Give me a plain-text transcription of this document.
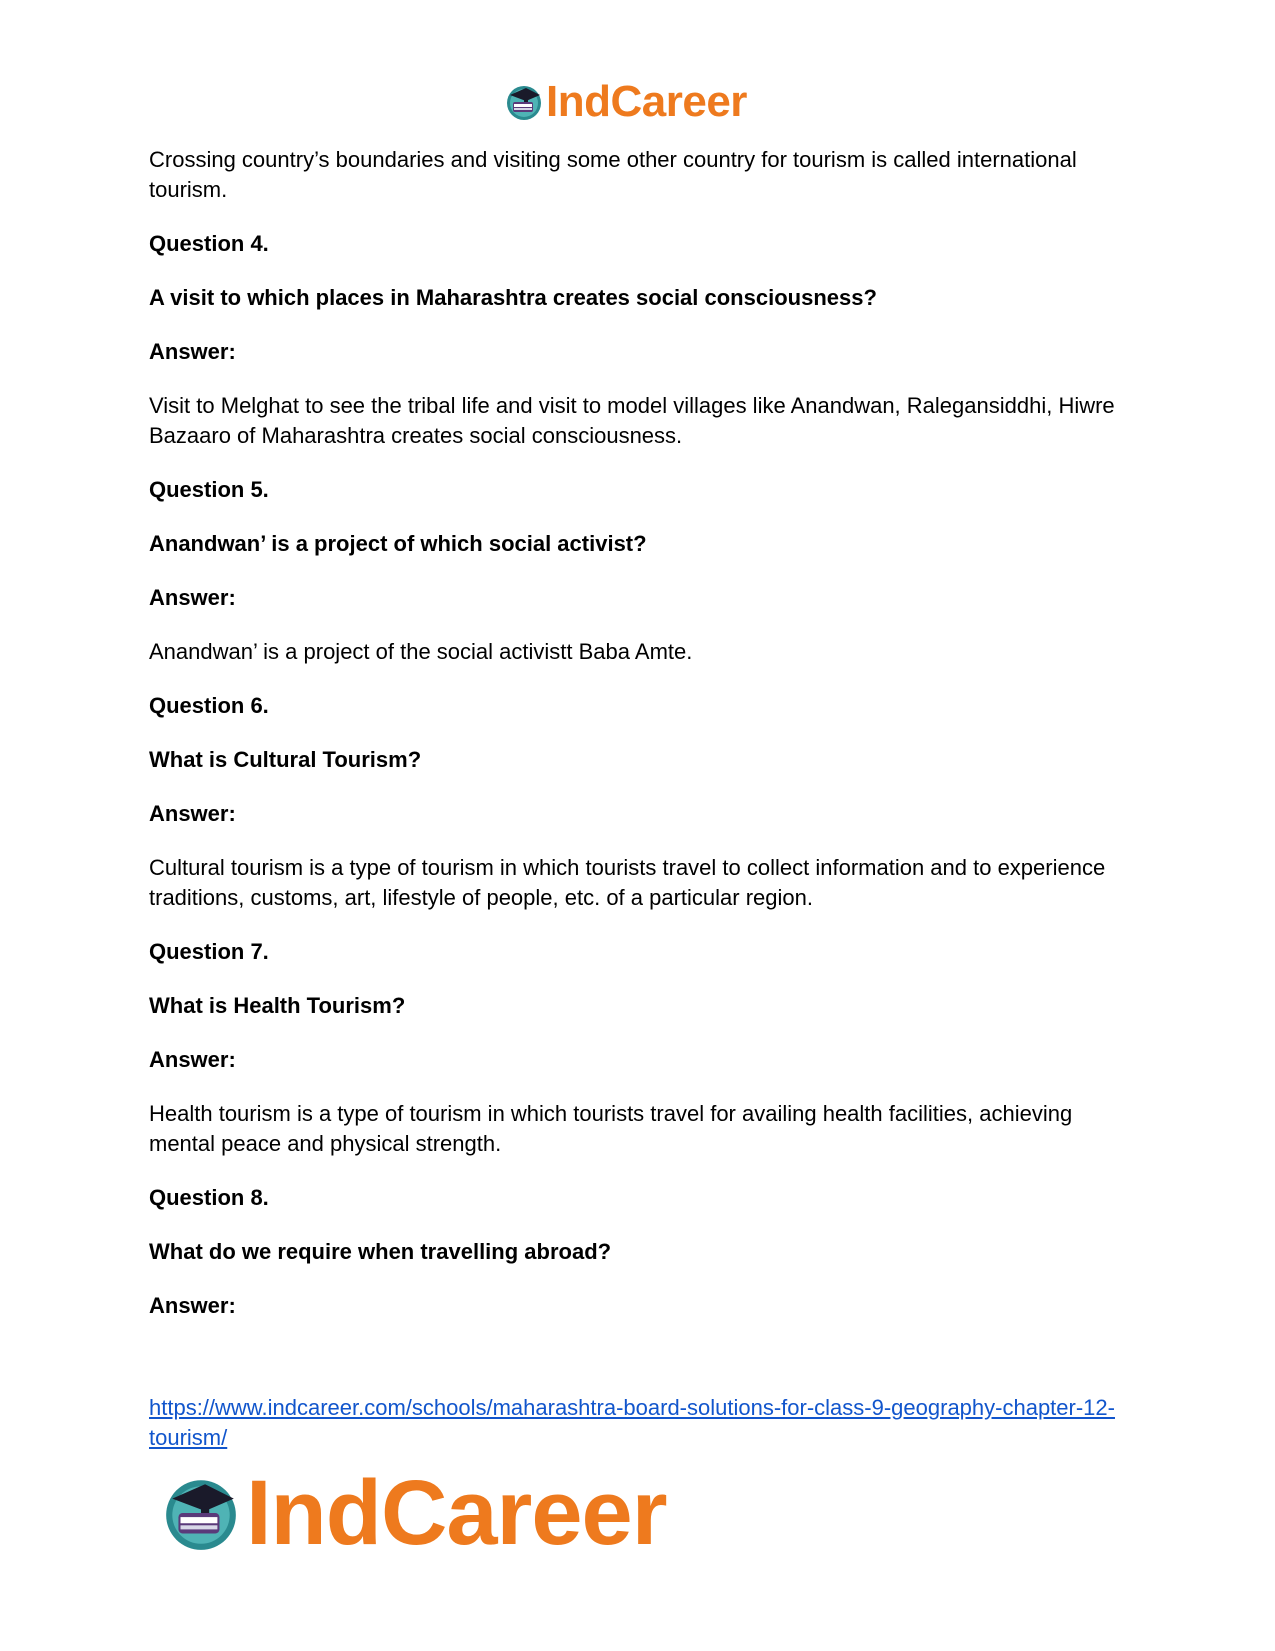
IndCareer

Crossing country’s boundaries and visiting some other country for tourism is called international tourism.

Question 4.

A visit to which places in Maharashtra creates social consciousness?

Answer:

Visit to Melghat to see the tribal life and visit to model villages like Anandwan, Ralegansiddhi, Hiwre Bazaaro of Maharashtra creates social consciousness.

Question 5.

Anandwan’ is a project of which social activist?

Answer:

Anandwan’ is a project of the social activistt Baba Amte.

Question 6.

What is Cultural Tourism?

Answer:

Cultural tourism is a type of tourism in which tourists travel to collect information and to experience traditions, customs, art, lifestyle of people, etc. of a particular region.

Question 7.

What is Health Tourism?

Answer:

Health tourism is a type of tourism in which tourists travel for availing health facilities, achieving mental peace and physical strength.

Question 8.

What do we require when travelling abroad?

Answer:

https://www.indcareer.com/schools/maharashtra-board-solutions-for-class-9-geography-chapter-12-tourism/
IndCareer
